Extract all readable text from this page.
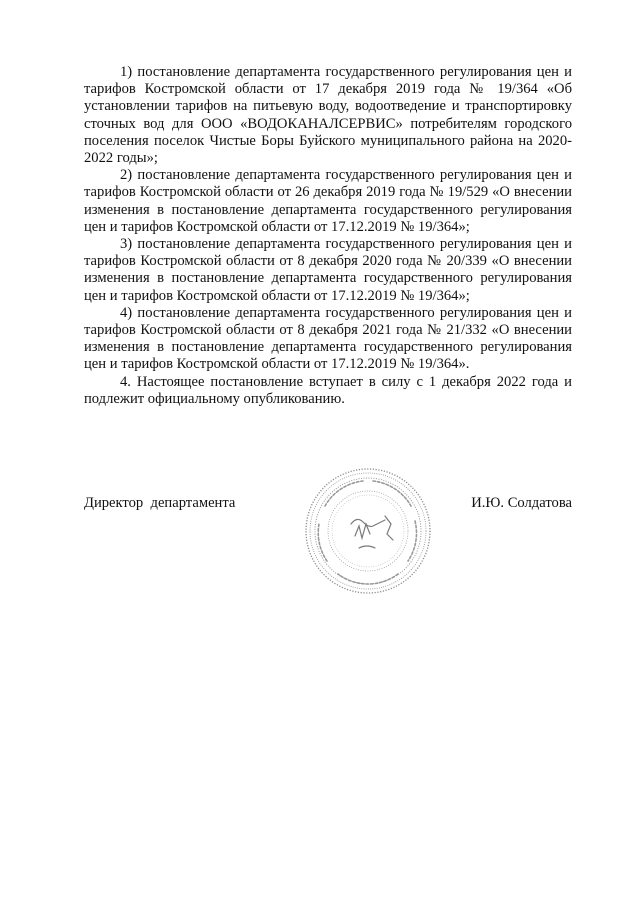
1) постановление департамента государственного регулирования цен и тарифов Костромской области от 17 декабря 2019 года № 19/364 «Об установлении тарифов на питьевую воду, водоотведение и транспортировку сточных вод для ООО «ВОДОКАНАЛСЕРВИС» потребителям городского поселения поселок Чистые Боры Буйского муниципального района на 2020-2022 годы»;

2) постановление департамента государственного регулирования цен и тарифов Костромской области от 26 декабря 2019 года № 19/529 «О внесении изменения в постановление департамента государственного регулирования цен и тарифов Костромской области от 17.12.2019 № 19/364»;

3) постановление департамента государственного регулирования цен и тарифов Костромской области от 8 декабря 2020 года № 20/339 «О внесении изменения в постановление департамента государственного регулирования цен и тарифов Костромской области от 17.12.2019 № 19/364»;

4) постановление департамента государственного регулирования цен и тарифов Костромской области от 8 декабря 2021 года № 21/332 «О внесении изменения в постановление департамента государственного регулирования цен и тарифов Костромской области от 17.12.2019 № 19/364».

4. Настоящее постановление вступает в силу с 1 декабря 2022 года и подлежит официальному опубликованию.

Директор  департамента	И.Ю. Солдатова
